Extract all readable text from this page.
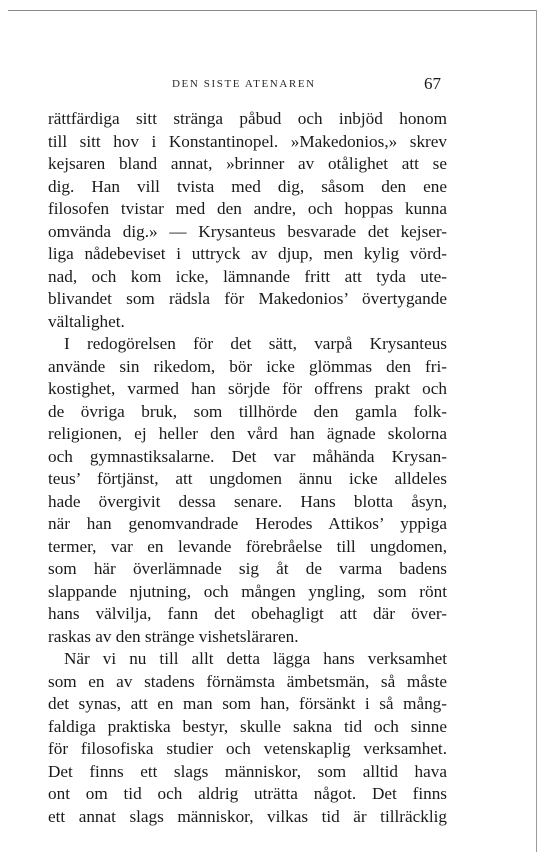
DEN SISTE ATENAREN	67
rättfärdiga sitt stränga påbud och inbjöd honom
till sitt hov i Konstantinopel. »Makedonios,» skrev
kejsaren bland annat, »brinner av otålighet att se
dig. Han vill tvista med dig, såsom den ene
filosofen tvistar med den andre, och hoppas kunna
omvända dig.» — Krysanteus besvarade det kejser-
liga nådebeviset i uttryck av djup, men kylig vörd-
nad, och kom icke, lämnande fritt att tyda ute-
blivandet som rädsla för Makedonios’ övertygande
vältalighet.
I redogörelsen för det sätt, varpå Krysanteus
använde sin rikedom, bör icke glömmas den fri-
kostighet, varmed han sörjde för offrens prakt och
de övriga bruk, som tillhörde den gamla folk-
religionen, ej heller den vård han ägnade skolorna
och gymnastiksalarne. Det var måhända Krysan-
teus’ förtjänst, att ungdomen ännu icke alldeles
hade övergivit dessa senare. Hans blotta åsyn,
när han genomvandrade Herodes Attikos’ yppiga
termer, var en levande förebråelse till ungdomen,
som här överlämnade sig åt de varma badens
slappande njutning, och mången yngling, som rönt
hans välvilja, fann det obehagligt att där över-
raskas av den stränge vishetsläraren.
När vi nu till allt detta lägga hans verksamhet
som en av stadens förnämsta ämbetsmän, så måste
det synas, att en man som han, försänkt i så mång-
faldiga praktiska bestyr, skulle sakna tid och sinne
för filosofiska studier och vetenskaplig verksamhet.
Det finns ett slags människor, som alltid hava
ont om tid och aldrig uträtta något. Det finns
ett annat slags människor, vilkas tid är tillräcklig
